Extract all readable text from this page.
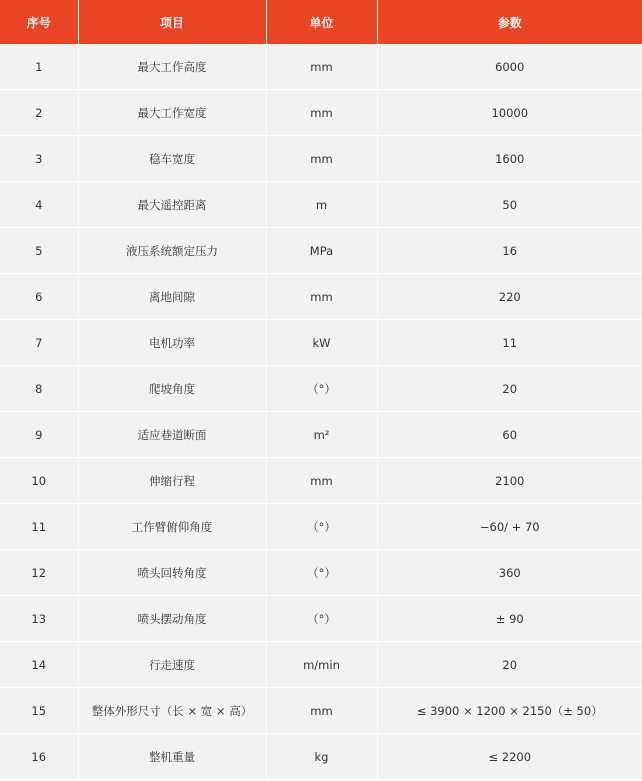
序号	项目	单位	参数
1	最大工作高度	mm	6000
2	最大工作宽度	mm	10000
3	稳车宽度	mm	1600
4	最大遥控距离	m	50
5	液压系统额定压力	MPa	16
6	离地间隙	mm	220
7	电机功率	kW	11
8	爬坡角度	（°）	20
9	适应巷道断面	m²	60
10	伸缩行程	mm	2100
11	工作臂俯仰角度	（°）	−60/ + 70
12	喷头回转角度	（°）	360
13	喷头摆动角度	（°）	± 90
14	行走速度	m/min	20
15	整体外形尺寸（长 × 宽 × 高）	mm	≤ 3900 × 1200 × 2150（± 50）
16	整机重量	kg	≤ 2200
